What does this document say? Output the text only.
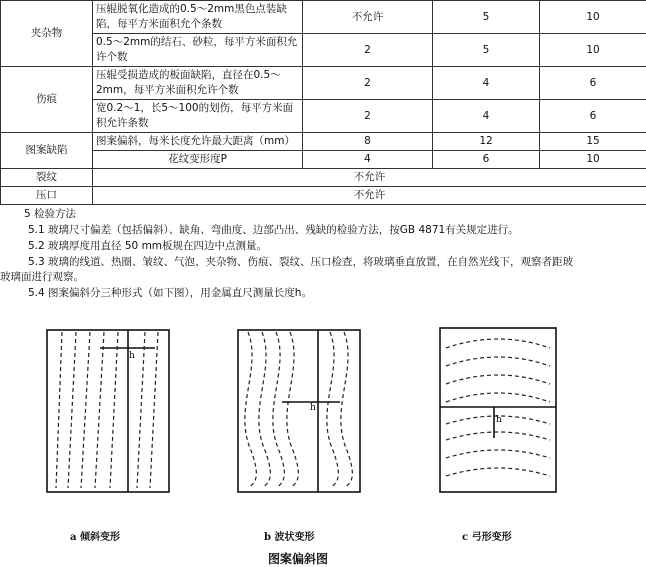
夹杂物	压辊脱氧化造成的0.5～2mm黑色点装缺陷，每平方米面积允个条数	不允许	5	10
	0.5～2mm的结石、砂粒，每平方米面积允许个数	2	5	10
伤痕	压辊受损造成的板面缺陷，直径在0.5～2mm，每平方米面积允许个数	2	4	6
	宽0.2～1，长5～100的划伤，每平方米面积允许条数	2	4	6
图案缺陷	图案偏斜，每米长度允许最大距离（mm）	8	12	15
	花纹变形度P	4	6	10
裂纹	不允许			
压口	不允许			
5 检验方法
5.1 玻璃尺寸偏差（包括偏斜）、缺角、弯曲度、边部凸出、残缺的检验方法，按GB 4871有关规定进行。
5.2 玻璃厚度用直径 50 mm板规在四边中点测量。
5.3 玻璃的线道、热圈、皱纹、气泡、夹杂物、伤痕、裂纹、压口检查，将玻璃垂直放置，在自然光线下，观察者距玻
玻璃面进行观察。
5.4 图案偏斜分三种形式（如下图），用金属直尺测量长度h。
h
h
h
a 倾斜变形	b 波状变形	c 弓形变形
图案偏斜图
